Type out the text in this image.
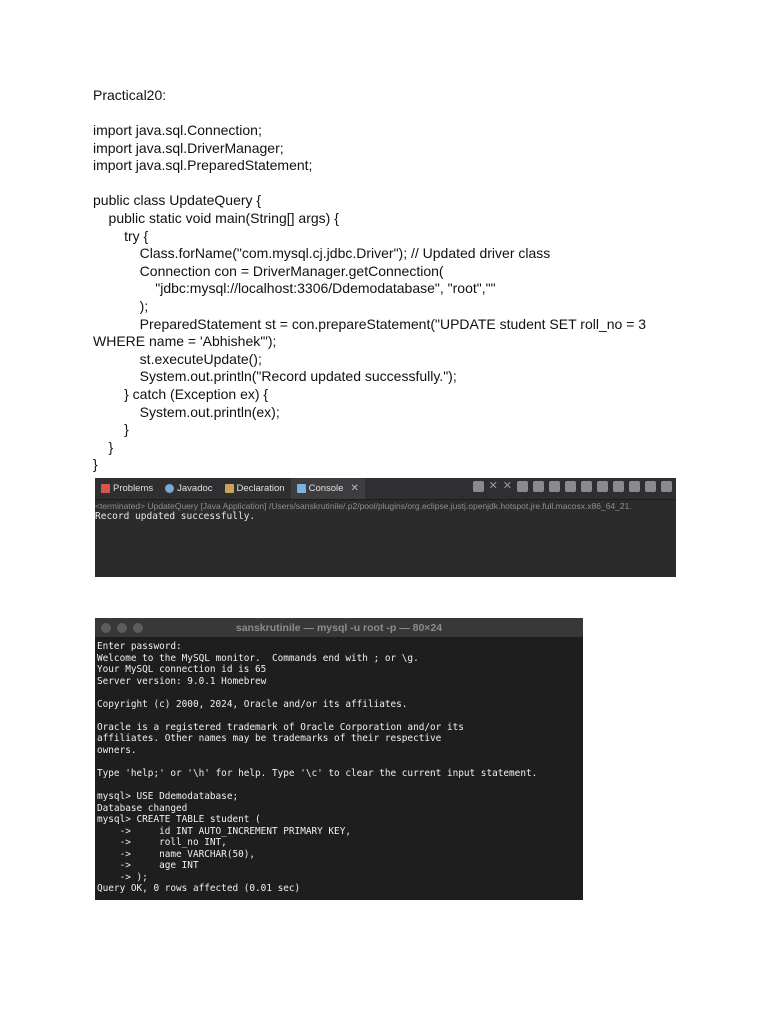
Practical20:
import java.sql.Connection;
import java.sql.DriverManager;
import java.sql.PreparedStatement;
public class UpdateQuery {
public static void main(String[] args) {
try {
Class.forName("com.mysql.cj.jdbc.Driver"); // Updated driver class
Connection con = DriverManager.getConnection(
"jdbc:mysql://localhost:3306/Ddemodatabase", "root",""
);
PreparedStatement st = con.prepareStatement("UPDATE student SET roll_no = 3
WHERE name = 'Abhishek'");
st.executeUpdate();
System.out.println("Record updated successfully.");
} catch (Exception ex) {
System.out.println(ex);
}
}
}
Problems	Javadoc	Declaration	Console ✕	✕ ✕
<terminated> UpdateQuery [Java Application] /Users/sanskrutinile/.p2/pool/plugins/org.eclipse.justj.openjdk.hotspot.jre.full.macosx.x86_64_21.
Record updated successfully.
sanskrutinile — mysql -u root -p — 80×24
Enter password:
Welcome to the MySQL monitor.  Commands end with ; or \g.
Your MySQL connection id is 65
Server version: 9.0.1 Homebrew
Copyright (c) 2000, 2024, Oracle and/or its affiliates.
Oracle is a registered trademark of Oracle Corporation and/or its
affiliates. Other names may be trademarks of their respective
owners.
Type 'help;' or '\h' for help. Type '\c' to clear the current input statement.
mysql> USE Ddemodatabase;
Database changed
mysql> CREATE TABLE student (
->     id INT AUTO_INCREMENT PRIMARY KEY,
->     roll_no INT,
->     name VARCHAR(50),
->     age INT
-> );
Query OK, 0 rows affected (0.01 sec)
